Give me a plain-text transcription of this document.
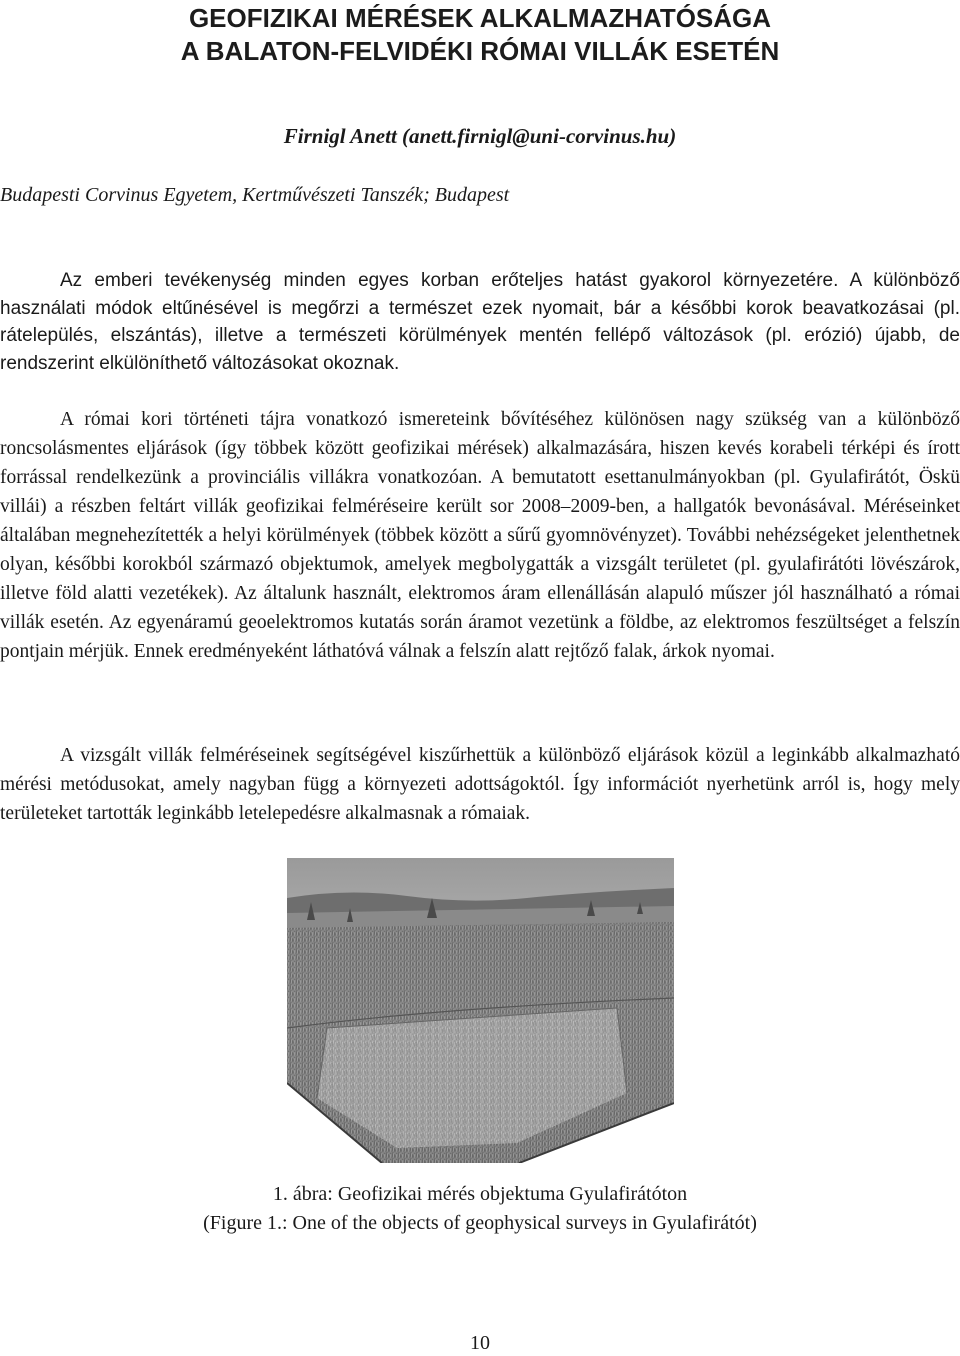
GEOFIZIKAI MÉRÉSEK ALKALMAZHATÓSÁGA
A BALATON-FELVIDÉKI RÓMAI VILLÁK ESETÉN
Firnigl Anett (anett.firnigl@uni-corvinus.hu)
Budapesti Corvinus Egyetem, Kertművészeti Tanszék; Budapest

Az emberi tevékenység minden egyes korban erőteljes hatást gyakorol környezetére. A különböző használati módok eltűnésével is megőrzi a természet ezek nyomait, bár a későbbi korok beavatkozásai (pl. rátelepülés, elszántás), illetve a természeti körülmények mentén fellépő változások (pl. erózió) újabb, de rendszerint elkülöníthető változásokat okoznak.

A római kori történeti tájra vonatkozó ismereteink bővítéséhez különösen nagy szükség van a különböző roncsolásmentes eljárások (így többek között geofizikai mérések) alkalmazására, hiszen kevés korabeli térképi és írott forrással rendelkezünk a provinciális villákra vonatkozóan. A bemutatott esettanulmányokban (pl. Gyulafirátót, Öskü villái) a részben feltárt villák geofizikai felméréseire került sor 2008–2009-ben, a hallgatók bevonásával. Méréseinket általában megnehezítették a helyi körülmények (többek között a sűrű gyomnövényzet). További nehézségeket jelenthetnek olyan, későbbi korokból származó objektumok, amelyek megbolygatták a vizsgált területet (pl. gyulafirátóti lövészárok, illetve föld alatti vezetékek). Az általunk használt, elektromos áram ellenállásán alapuló műszer jól használható a római villák esetén. Az egyenáramú geoelektromos kutatás során áramot vezetünk a földbe, az elektromos feszültséget a felszín pontjain mérjük. Ennek eredményeként láthatóvá válnak a felszín alatt rejtőző falak, árkok nyomai.

A vizsgált villák felméréseinek segítségével kiszűrhettük a különböző eljárások közül a leginkább alkalmazható mérési metódusokat, amely nagyban függ a környezeti adottságoktól. Így információt nyerhetünk arról is, hogy mely területeket tartották leginkább letelepedésre alkalmasnak a rómaiak.

1. ábra: Geofizikai mérés objektuma Gyulafirátóton
(Figure 1.: One of the objects of geophysical surveys in Gyulafirátót)
10
